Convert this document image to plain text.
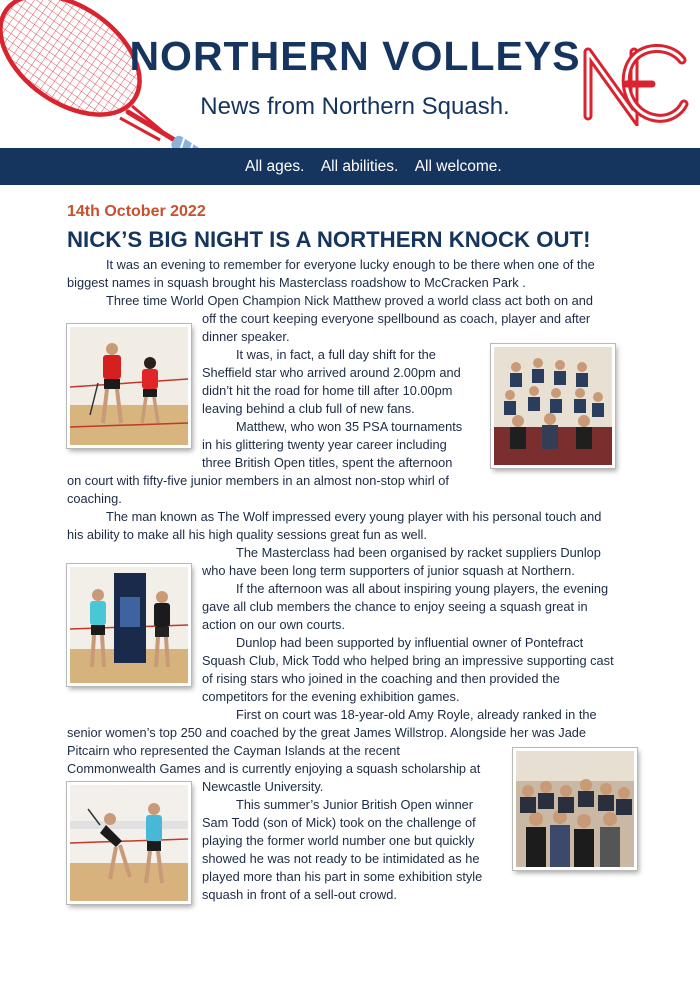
NORTHERN VOLLEYS
News from Northern Squash.
All ages.    All abilities.    All welcome.
14th October 2022
NICK’S BIG NIGHT IS A NORTHERN KNOCK OUT!
It was an evening to remember for everyone lucky enough to be there when one of the
biggest names in squash brought his Masterclass roadshow to McCracken Park .
Three time World Open Champion Nick Matthew proved a world class act both on and
off the court keeping everyone spellbound as coach, player and after
dinner speaker.
It was, in fact, a full day shift for the
Sheffield star who arrived around 2.00pm and
didn’t hit the road for home till after 10.00pm
leaving behind a club full of new fans.
Matthew, who won 35 PSA tournaments
in his glittering twenty year career including
three British Open titles, spent the afternoon
on court with fifty-five junior members in an almost non-stop whirl of
coaching.
The man known as The Wolf impressed every young player with his personal touch and
his ability to make all his high quality sessions great fun as well.
The Masterclass had been organised by racket suppliers Dunlop
who have been long term supporters of junior squash at Northern.
If the afternoon was all about inspiring young players, the evening
gave all club members the chance to enjoy seeing a squash great in
action on our own courts.
Dunlop had been supported by influential owner of Pontefract
Squash Club, Mick Todd who helped bring an impressive supporting cast
of rising stars who joined in the coaching and then provided the
competitors for the evening exhibition games.
First on court was 18-year-old Amy Royle, already ranked in the
senior women’s top 250 and coached by the great James Willstrop. Alongside her was Jade
Pitcairn who represented the Cayman Islands at the recent
Commonwealth Games and is currently enjoying a squash scholarship at
Newcastle University.
This summer’s Junior British Open winner
Sam Todd (son of Mick) took on the challenge of
playing the former world number one but quickly
showed he was not ready to be intimidated as he
played more than his part in some exhibition style
squash in front of a sell-out crowd.
